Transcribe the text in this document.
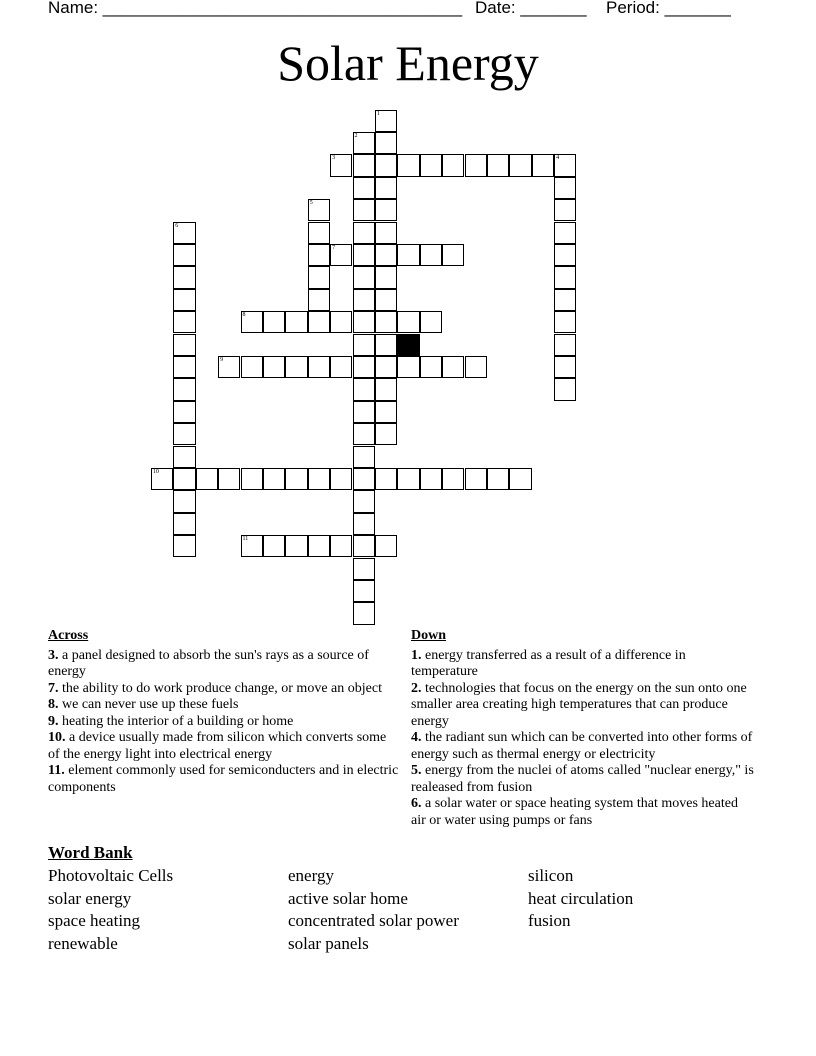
Name: ______________________________________ Date: _______ Period: _______
Solar Energy
1
2
3	4
5
6
7
8
9
10
11
Across
3. a panel designed to absorb the sun's rays as a source of energy
7. the ability to do work produce change, or move an object
8. we can never use up these fuels
9. heating the interior of a building or home
10. a device usually made from silicon which converts some of the energy light into electrical energy
11. element commonly used for semiconducters and in electric components
Down
1. energy transferred as a result of a difference in temperature
2. technologies that focus on the energy on the sun onto one smaller area creating high temperatures that can produce energy
4. the radiant sun which can be converted into other forms of energy such as thermal energy or electricity
5. energy from the nuclei of atoms called "nuclear energy," is realeased from fusion
6. a solar water or space heating system that moves heated air or water using pumps or fans
Word Bank
Photovoltaic Cells
solar energy
space heating
renewable
energy
active solar home
concentrated solar power
solar panels
silicon
heat circulation
fusion
